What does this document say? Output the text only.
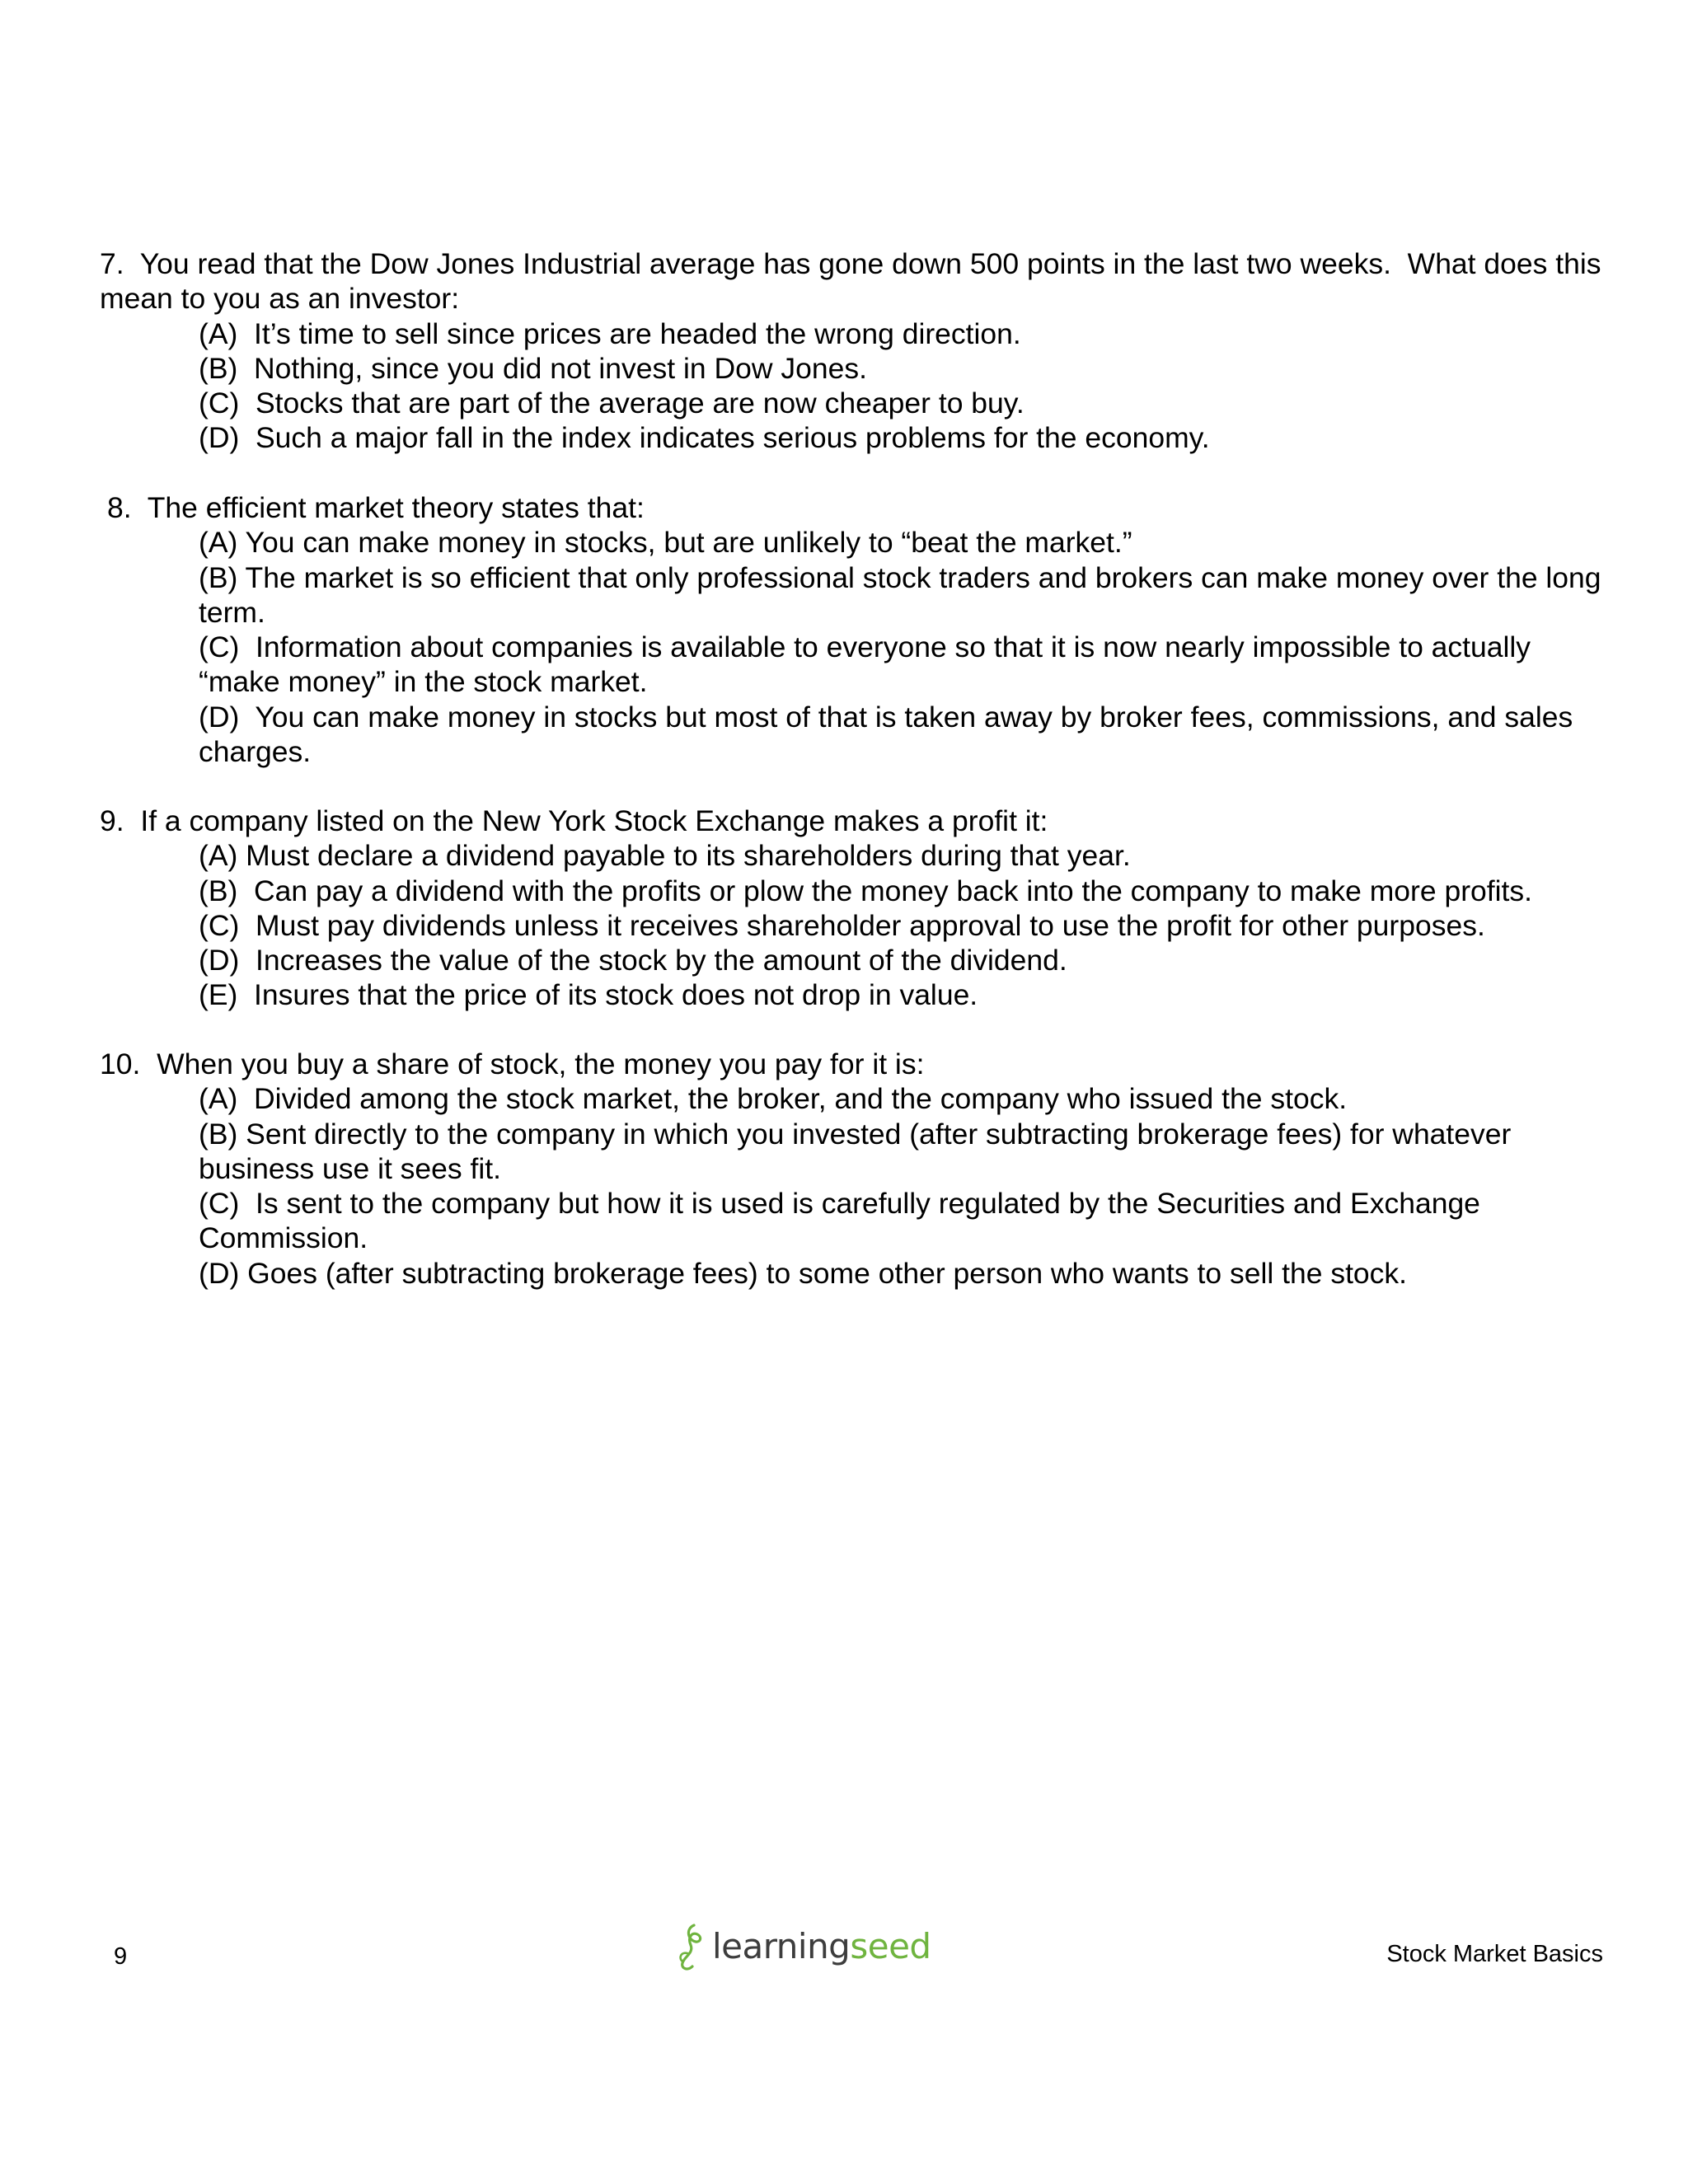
7.  You read that the Dow Jones Industrial average has gone down 500 points in the last two weeks.  What does this mean to you as an investor:
(A)  It’s time to sell since prices are headed the wrong direction.
(B)  Nothing, since you did not invest in Dow Jones.
(C)  Stocks that are part of the average are now cheaper to buy.
(D)  Such a major fall in the index indicates serious problems for the economy.
8.  The efficient market theory states that:
(A) You can make money in stocks, but are unlikely to “beat the market.”
(B) The market is so efficient that only professional stock traders and brokers can make money over the long term.
(C)  Information about companies is available to everyone so that it is now nearly impossible to actually “make money” in the stock market.
(D)  You can make money in stocks but most of that is taken away by broker fees, commissions, and sales charges.
9.  If a company listed on the New York Stock Exchange makes a profit it:
(A) Must declare a dividend payable to its shareholders during that year.
(B)  Can pay a dividend with the profits or plow the money back into the company to make more profits.
(C)  Must pay dividends unless it receives shareholder approval to use the profit for other purposes.
(D)  Increases the value of the stock by the amount of the dividend.
(E)  Insures that the price of its stock does not drop in value.
10.  When you buy a share of stock, the money you pay for it is:
(A)  Divided among the stock market, the broker, and the company who issued the stock.
(B) Sent directly to the company in which you invested (after subtracting brokerage fees) for whatever business use it sees fit.
(C)  Is sent to the company but how it is used is carefully regulated by the Securities and Exchange Commission.
(D) Goes (after subtracting brokerage fees) to some other person who wants to sell the stock.
9	learningseed	Stock Market Basics
